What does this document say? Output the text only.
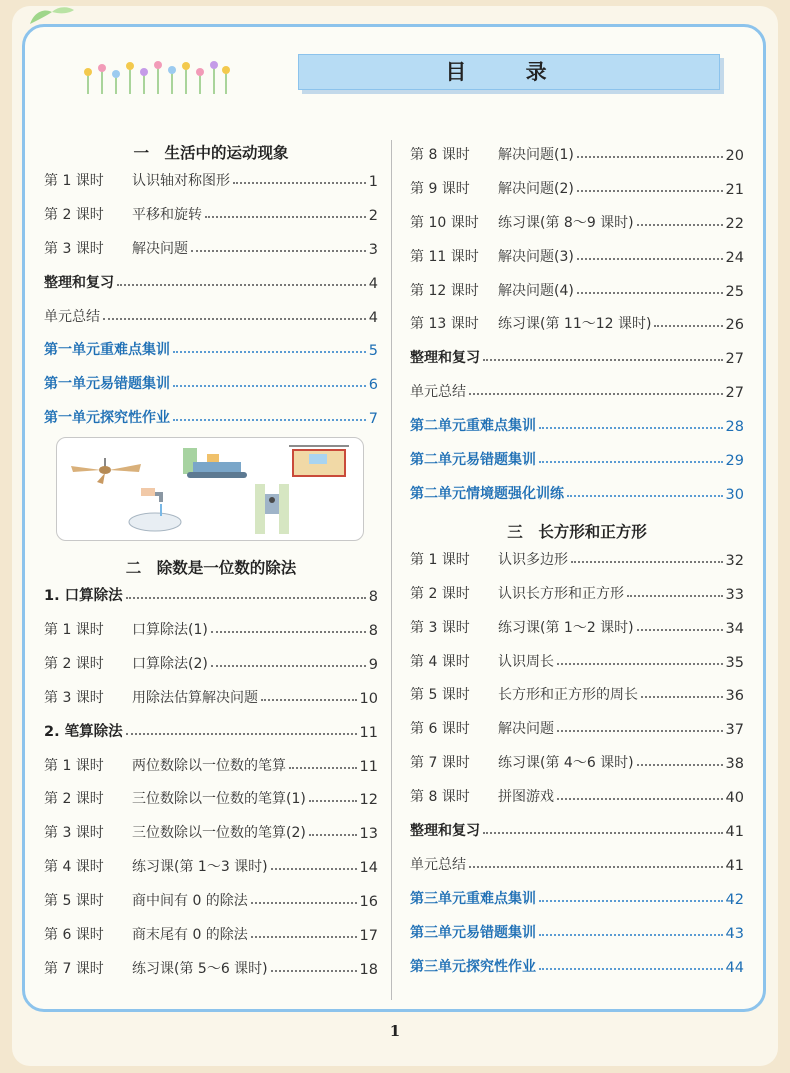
目 录
一　生活中的运动现象
第 1 课时	认识轴对称图形	1
第 2 课时	平移和旋转	2
第 3 课时	解决问题	3
整理和复习	4
单元总结	4
第一单元重难点集训	5
第一单元易错题集训	6
第一单元探究性作业	7
二　除数是一位数的除法
1. 口算除法	8
第 1 课时	口算除法(1)	8
第 2 课时	口算除法(2)	9
第 3 课时	用除法估算解决问题	10
2. 笔算除法	11
第 1 课时	两位数除以一位数的笔算	11
第 2 课时	三位数除以一位数的笔算(1)	12
第 3 课时	三位数除以一位数的笔算(2)	13
第 4 课时	练习课(第 1～3 课时)	14
第 5 课时	商中间有 0 的除法	16
第 6 课时	商末尾有 0 的除法	17
第 7 课时	练习课(第 5～6 课时)	18
第 8 课时	解决问题(1)	20
第 9 课时	解决问题(2)	21
第 10 课时	练习课(第 8～9 课时)	22
第 11 课时	解决问题(3)	24
第 12 课时	解决问题(4)	25
第 13 课时	练习课(第 11～12 课时)	26
整理和复习	27
单元总结	27
第二单元重难点集训	28
第二单元易错题集训	29
第二单元情境题强化训练	30
三　长方形和正方形
第 1 课时	认识多边形	32
第 2 课时	认识长方形和正方形	33
第 3 课时	练习课(第 1～2 课时)	34
第 4 课时	认识周长	35
第 5 课时	长方形和正方形的周长	36
第 6 课时	解决问题	37
第 7 课时	练习课(第 4～6 课时)	38
第 8 课时	拼图游戏	40
整理和复习	41
单元总结	41
第三单元重难点集训	42
第三单元易错题集训	43
第三单元探究性作业	44
1
